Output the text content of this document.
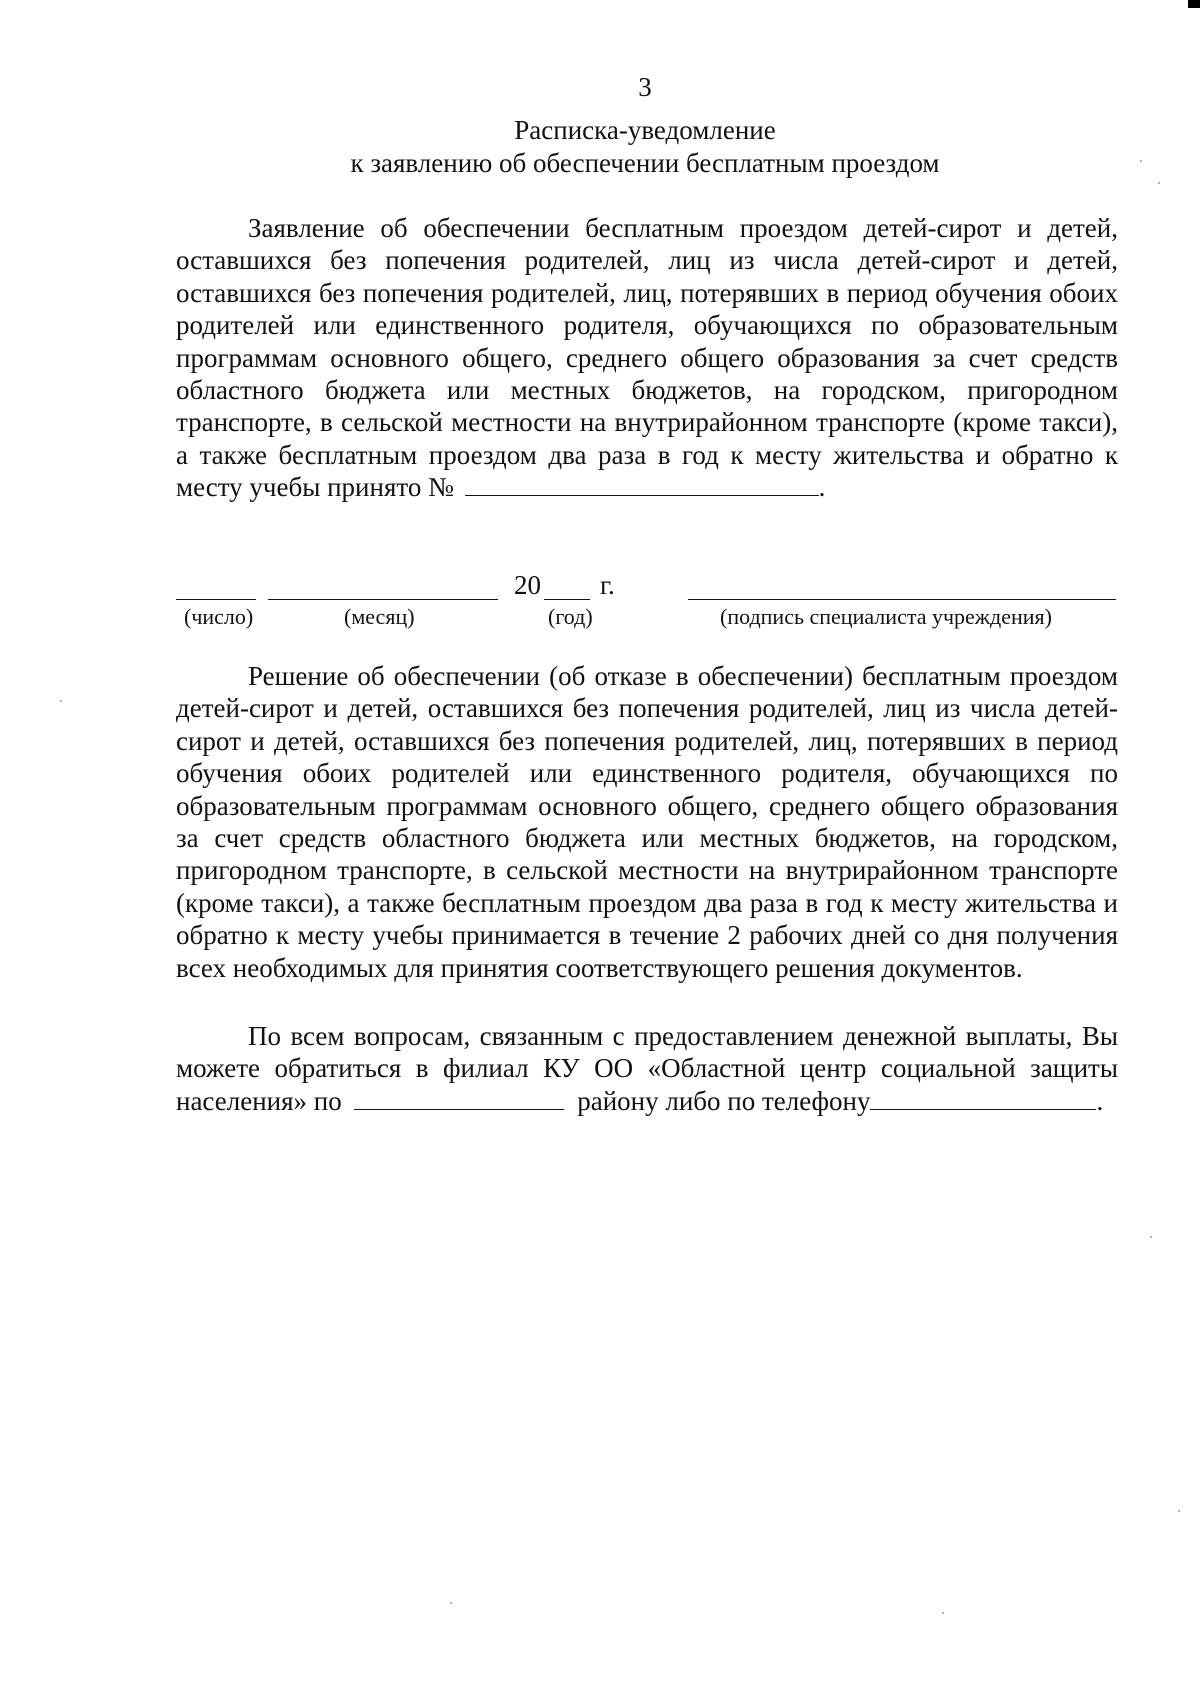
3
Расписка-уведомление
к заявлению об обеспечении бесплатным проездом
Заявление об обеспечении бесплатным проездом детей-сирот и детей, оставшихся без попечения родителей, лиц из числа детей-сирот и детей, оставшихся без попечения родителей, лиц, потерявших в период обучения обоих родителей или единственного родителя, обучающихся по образовательным программам основного общего, среднего общего образования за счет средств областного бюджета или местных бюджетов, на городском, пригородном транспорте, в сельской местности на внутрирайонном транспорте (кроме такси), а также бесплатным проездом два раза в год к месту жительства и обратно к месту учебы принято №	.
20 г.
(число)	(месяц)	(год)	(подпись специалиста учреждения)
Решение об обеспечении (об отказе в обеспечении) бесплатным проездом детей-сирот и детей, оставшихся без попечения родителей, лиц из числа детей-сирот и детей, оставшихся без попечения родителей, лиц, потерявших в период обучения обоих родителей или единственного родителя, обучающихся по образовательным программам основного общего, среднего общего образования за счет средств областного бюджета или местных бюджетов, на городском, пригородном транспорте, в сельской местности на внутрирайонном транспорте (кроме такси), а также бесплатным проездом два раза в год к месту жительства и обратно к месту учебы принимается в течение 2 рабочих дней со дня получения всех необходимых для принятия соответствующего решения документов.
По всем вопросам, связанным с предоставлением денежной выплаты, Вы можете обратиться в филиал КУ ОО «Областной центр социальной защиты населения» по	району либо по телефону	.
